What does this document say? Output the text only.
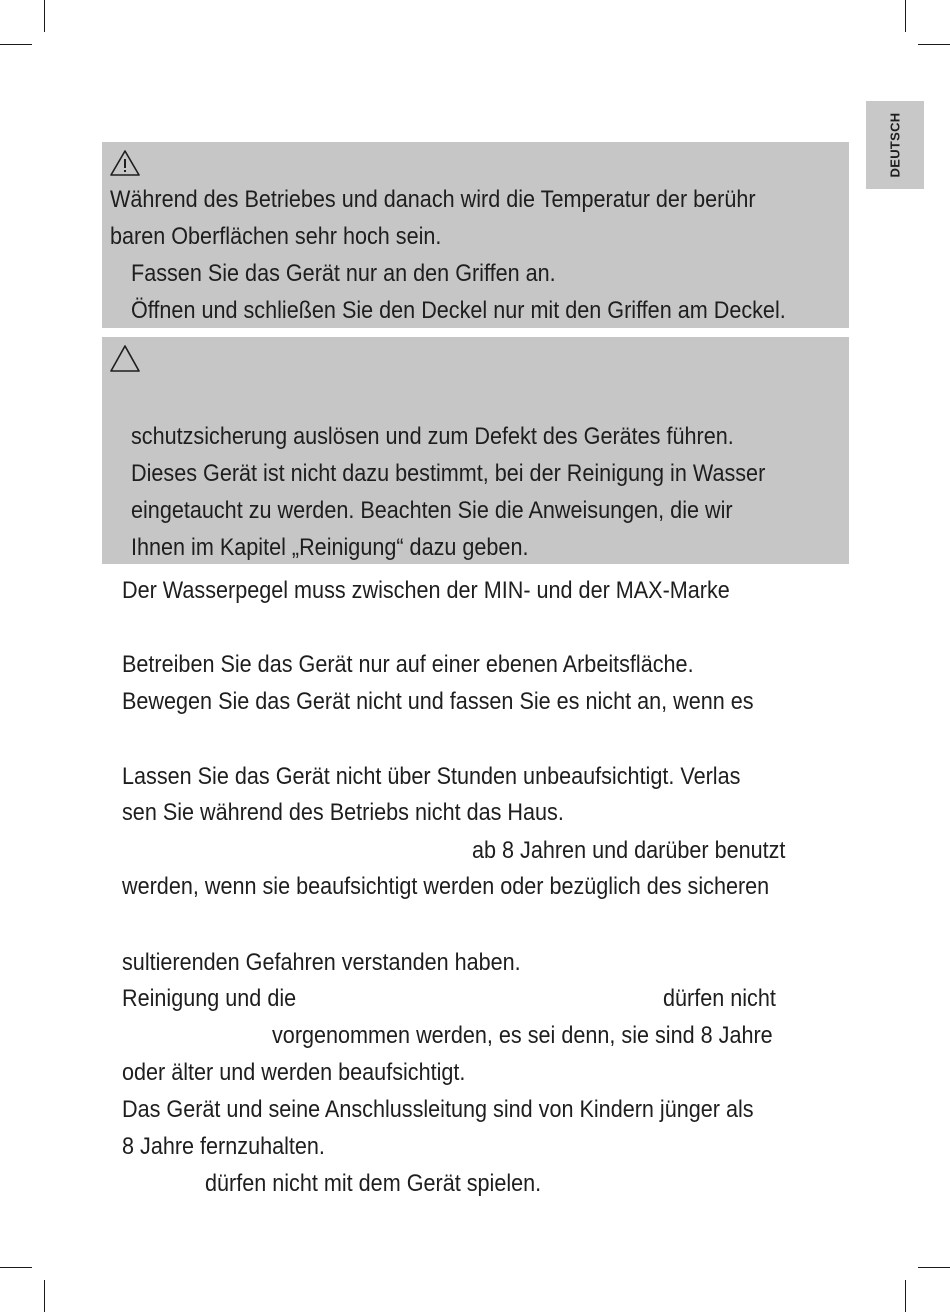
DEUTSCH
Während des Betriebes und danach wird die Temperatur der berühr
baren Oberflächen sehr hoch sein.
Fassen Sie das Gerät nur an den Griffen an.
Öffnen und schließen Sie den Deckel nur mit den Griffen am Deckel.
schutzsicherung auslösen und zum Defekt des Gerätes führen.
Dieses Gerät ist nicht dazu bestimmt, bei der Reinigung in Wasser
eingetaucht zu werden. Beachten Sie die Anweisungen, die wir
Ihnen im Kapitel „Reinigung“ dazu geben.
Der Wasserpegel muss zwischen der MIN- und der MAX-Marke
Betreiben Sie das Gerät nur auf einer ebenen Arbeitsfläche.
Bewegen Sie das Gerät nicht und fassen Sie es nicht an, wenn es
Lassen Sie das Gerät nicht über Stunden unbeaufsichtigt. Verlas
sen Sie während des Betriebs nicht das Haus.
ab 8 Jahren und darüber benutzt
werden, wenn sie beaufsichtigt werden oder bezüglich des sicheren
sultierenden Gefahren verstanden haben.
Reinigung und die	dürfen nicht
vorgenommen werden, es sei denn, sie sind 8 Jahre
oder älter und werden beaufsichtigt.
Das Gerät und seine Anschlussleitung sind von Kindern jünger als
8 Jahre fernzuhalten.
dürfen nicht mit dem Gerät spielen.
